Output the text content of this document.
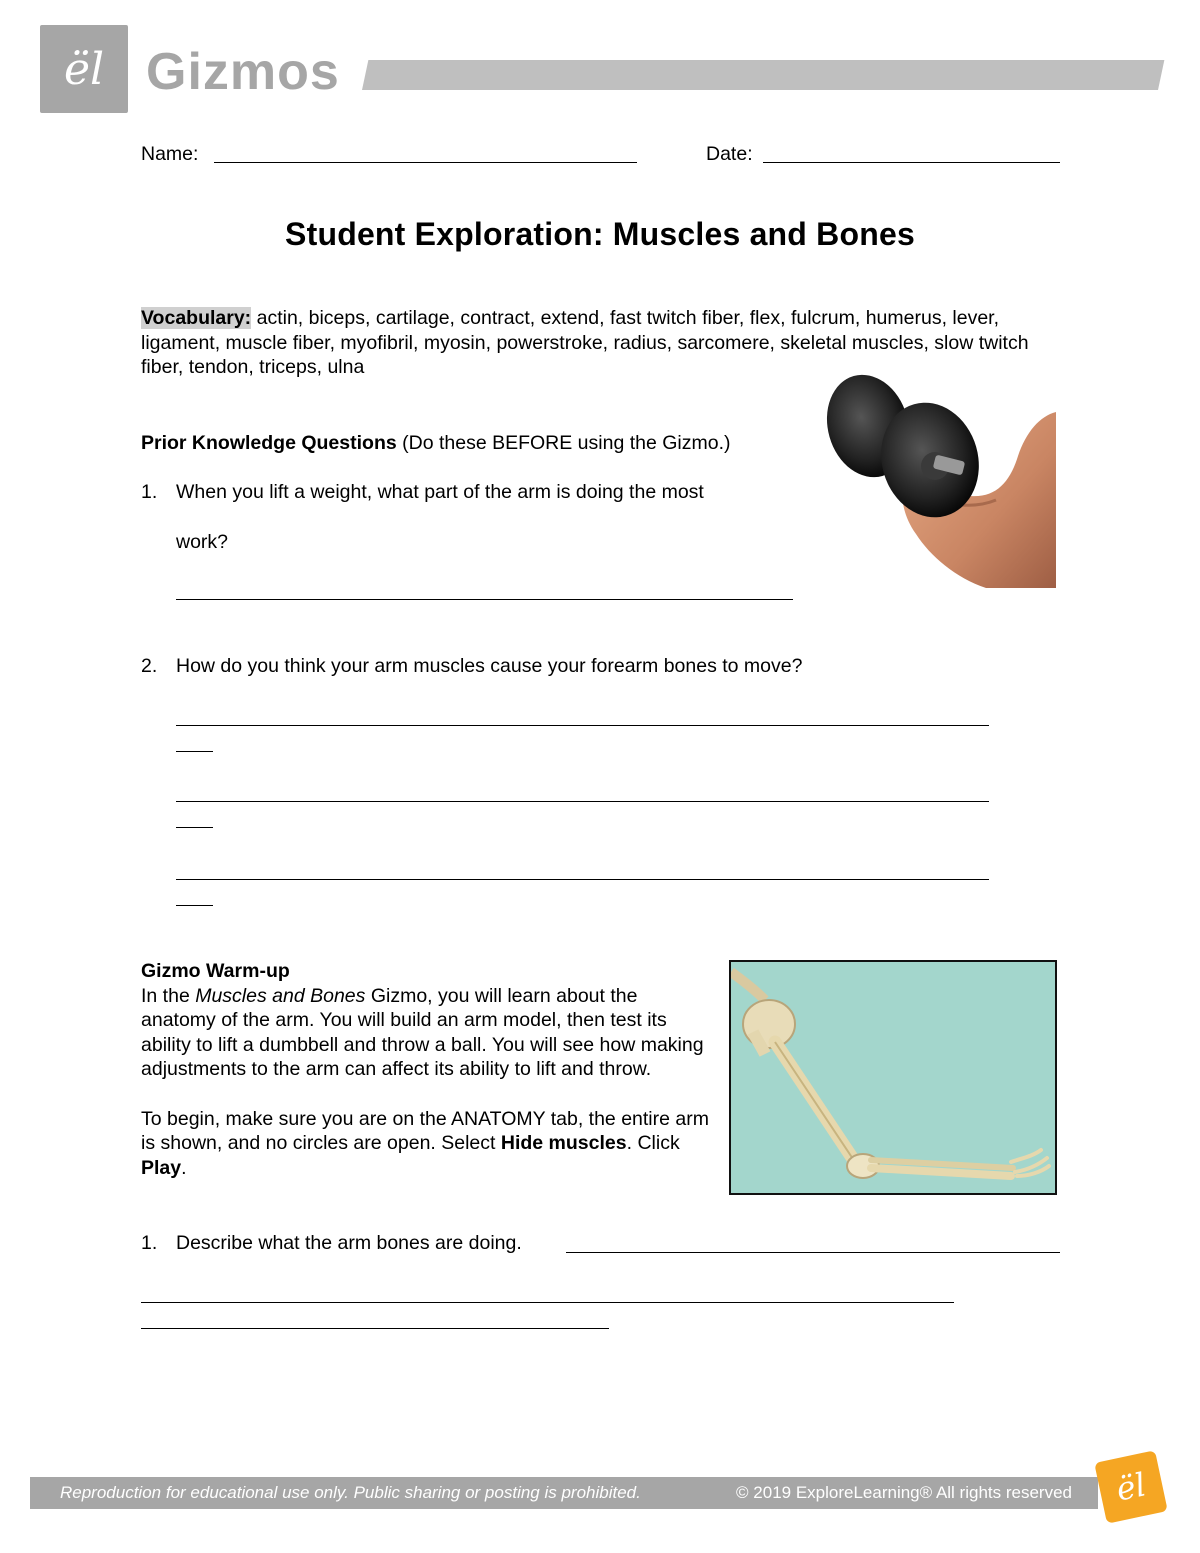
ël Gizmos
Name:	Date:
Student Exploration: Muscles and Bones
Vocabulary: actin, biceps, cartilage, contract, extend, fast twitch fiber, flex, fulcrum, humerus, lever, ligament, muscle fiber, myofibril, myosin, powerstroke, radius, sarcomere, skeletal muscles, slow twitch fiber, tendon, triceps, ulna
Prior Knowledge Questions (Do these BEFORE using the Gizmo.)
1. When you lift a weight, what part of the arm is doing the most
work?
2. How do you think your arm muscles cause your forearm bones to move?

Gizmo Warm-up

In the Muscles and Bones Gizmo, you will learn about the anatomy of the arm. You will build an arm model, then test its ability to lift a dumbbell and throw a ball. You will see how making adjustments to the arm can affect its ability to lift and throw.

To begin, make sure you are on the ANATOMY tab, the entire arm is shown, and no circles are open. Select Hide muscles. Click Play.

1. Describe what the arm bones are doing.
Reproduction for educational use only. Public sharing or posting is prohibited.	© 2019 ExploreLearning® All rights reserved ël
